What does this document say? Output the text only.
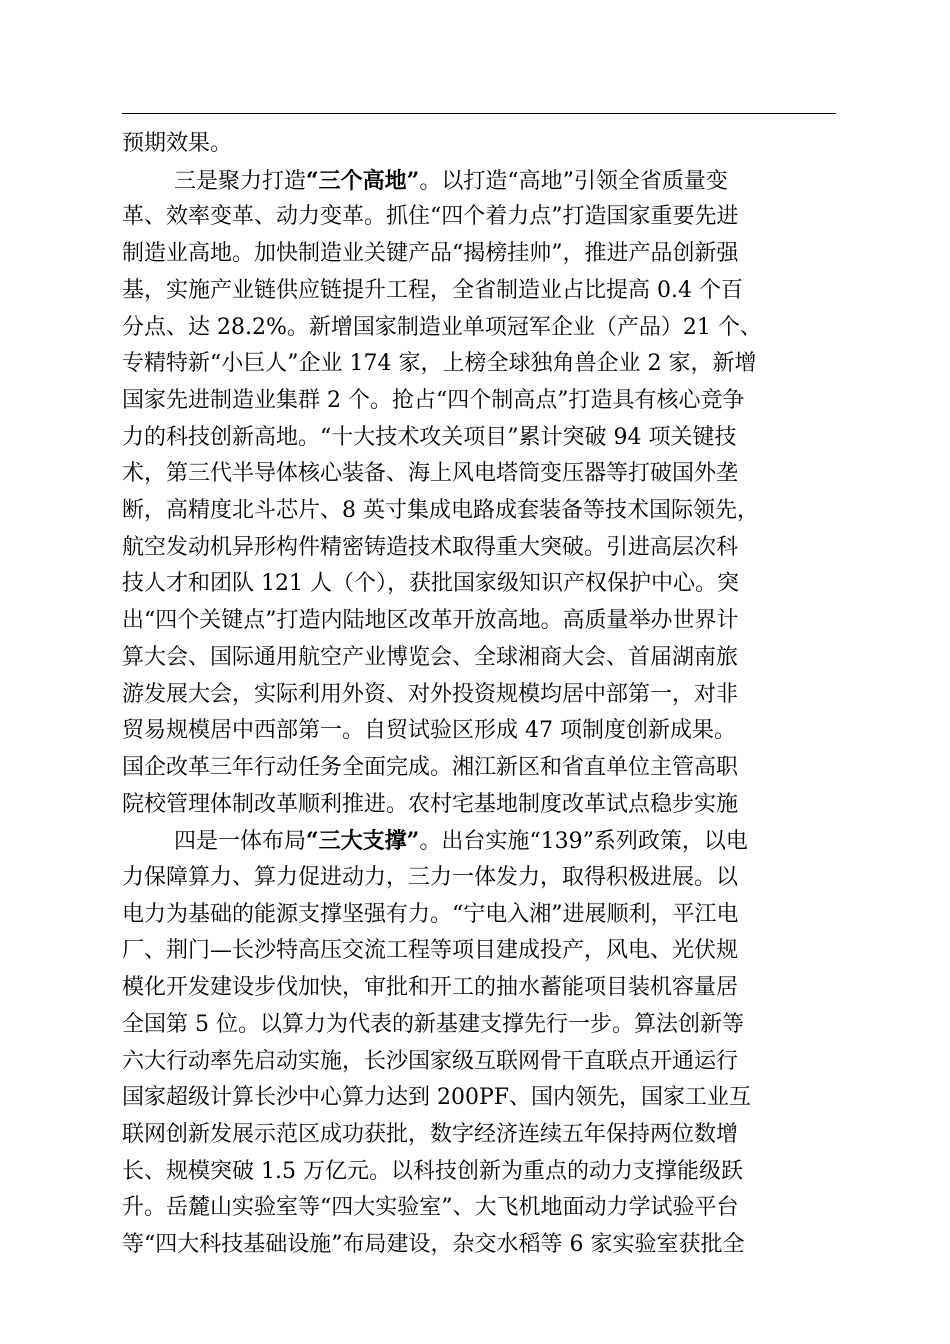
预期效果。
三是聚力打造“三个高地”。以打造“高地”引领全省质量变
革、效率变革、动力变革。抓住“四个着力点”打造国家重要先进
制造业高地。加快制造业关键产品“揭榜挂帅”，推进产品创新强
基，实施产业链供应链提升工程，全省制造业占比提高 0.4 个百
分点、达 28.2%。新增国家制造业单项冠军企业（产品）21 个、
专精特新“小巨人”企业 174 家，上榜全球独角兽企业 2 家，新增
国家先进制造业集群 2 个。抢占“四个制高点”打造具有核心竞争
力的科技创新高地。“十大技术攻关项目”累计突破 94 项关键技
术，第三代半导体核心装备、海上风电塔筒变压器等打破国外垄
断，高精度北斗芯片、8 英寸集成电路成套装备等技术国际领先，
航空发动机异形构件精密铸造技术取得重大突破。引进高层次科
技人才和团队 121 人（个），获批国家级知识产权保护中心。突
出“四个关键点”打造内陆地区改革开放高地。高质量举办世界计
算大会、国际通用航空产业博览会、全球湘商大会、首届湖南旅
游发展大会，实际利用外资、对外投资规模均居中部第一，对非
贸易规模居中西部第一。自贸试验区形成 47 项制度创新成果。
国企改革三年行动任务全面完成。湘江新区和省直单位主管高职
院校管理体制改革顺利推进。农村宅基地制度改革试点稳步实施
四是一体布局“三大支撑”。出台实施“139”系列政策，以电
力保障算力、算力促进动力，三力一体发力，取得积极进展。以
电力为基础的能源支撑坚强有力。“宁电入湘”进展顺利，平江电
厂、荆门—长沙特高压交流工程等项目建成投产，风电、光伏规
模化开发建设步伐加快，审批和开工的抽水蓄能项目装机容量居
全国第 5 位。以算力为代表的新基建支撑先行一步。算法创新等
六大行动率先启动实施，长沙国家级互联网骨干直联点开通运行
国家超级计算长沙中心算力达到 200PF、国内领先，国家工业互
联网创新发展示范区成功获批，数字经济连续五年保持两位数增
长、规模突破 1.5 万亿元。以科技创新为重点的动力支撑能级跃
升。岳麓山实验室等“四大实验室”、大飞机地面动力学试验平台
等“四大科技基础设施”布局建设，杂交水稻等 6 家实验室获批全
